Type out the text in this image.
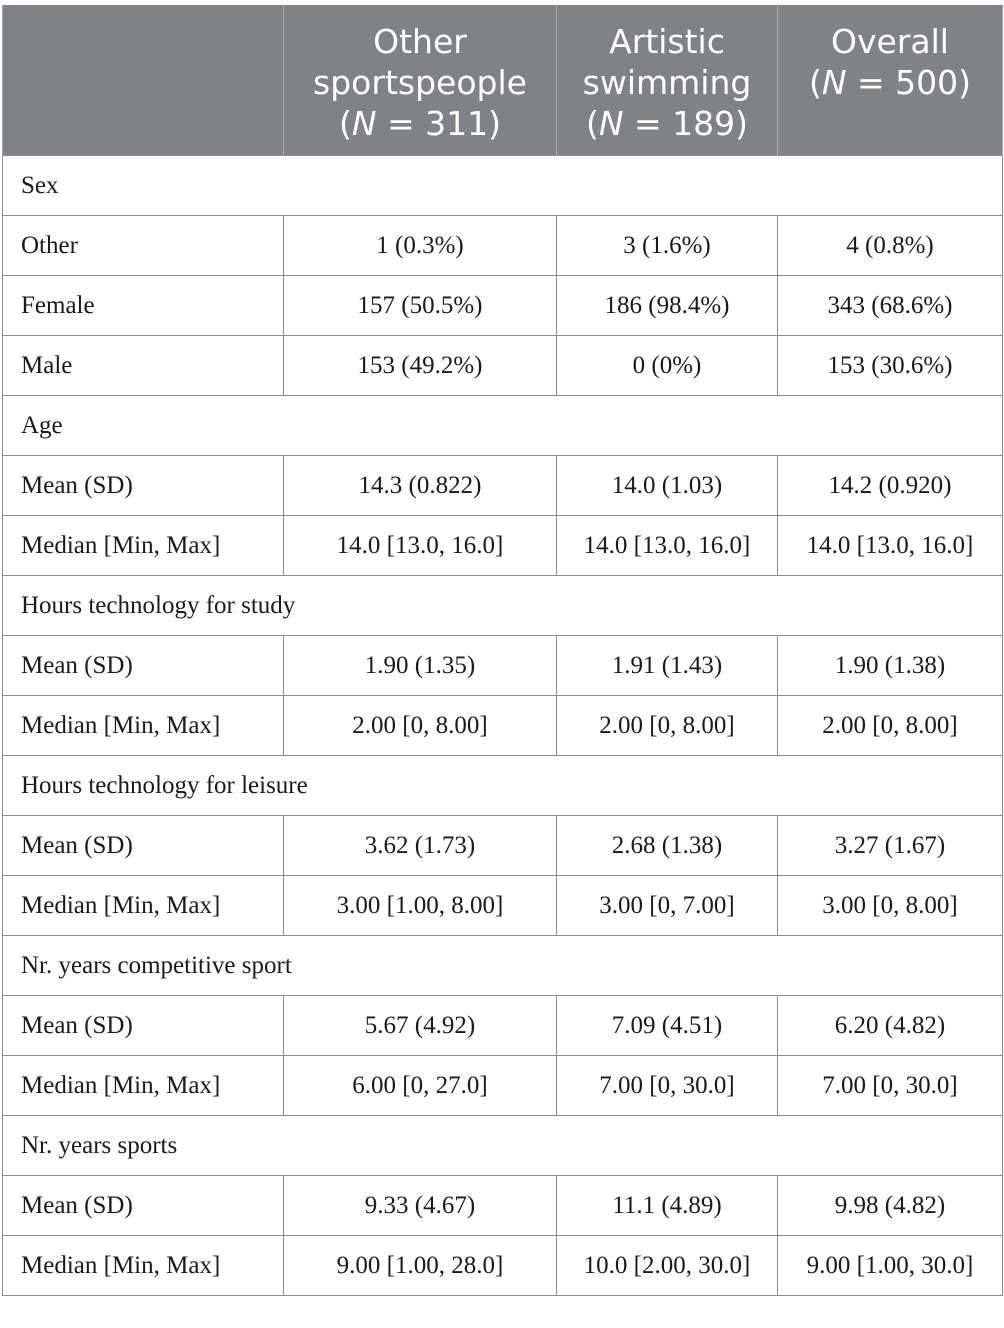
	Other
sportspeople
(N = 311)	Artistic
swimming
(N = 189)	Overall
(N = 500)

Sex			
Other	1 (0.3%)	3 (1.6%)	4 (0.8%)
Female	157 (50.5%)	186 (98.4%)	343 (68.6%)
Male	153 (49.2%)	0 (0%)	153 (30.6%)
Age			
Mean (SD)	14.3 (0.822)	14.0 (1.03)	14.2 (0.920)
Median [Min, Max]	14.0 [13.0, 16.0]	14.0 [13.0, 16.0]	14.0 [13.0, 16.0]
Hours technology for study			
Mean (SD)	1.90 (1.35)	1.91 (1.43)	1.90 (1.38)
Median [Min, Max]	2.00 [0, 8.00]	2.00 [0, 8.00]	2.00 [0, 8.00]
Hours technology for leisure			
Mean (SD)	3.62 (1.73)	2.68 (1.38)	3.27 (1.67)
Median [Min, Max]	3.00 [1.00, 8.00]	3.00 [0, 7.00]	3.00 [0, 8.00]
Nr. years competitive sport			
Mean (SD)	5.67 (4.92)	7.09 (4.51)	6.20 (4.82)
Median [Min, Max]	6.00 [0, 27.0]	7.00 [0, 30.0]	7.00 [0, 30.0]
Nr. years sports			
Mean (SD)	9.33 (4.67)	11.1 (4.89)	9.98 (4.82)
Median [Min, Max]	9.00 [1.00, 28.0]	10.0 [2.00, 30.0]	9.00 [1.00, 30.0]
